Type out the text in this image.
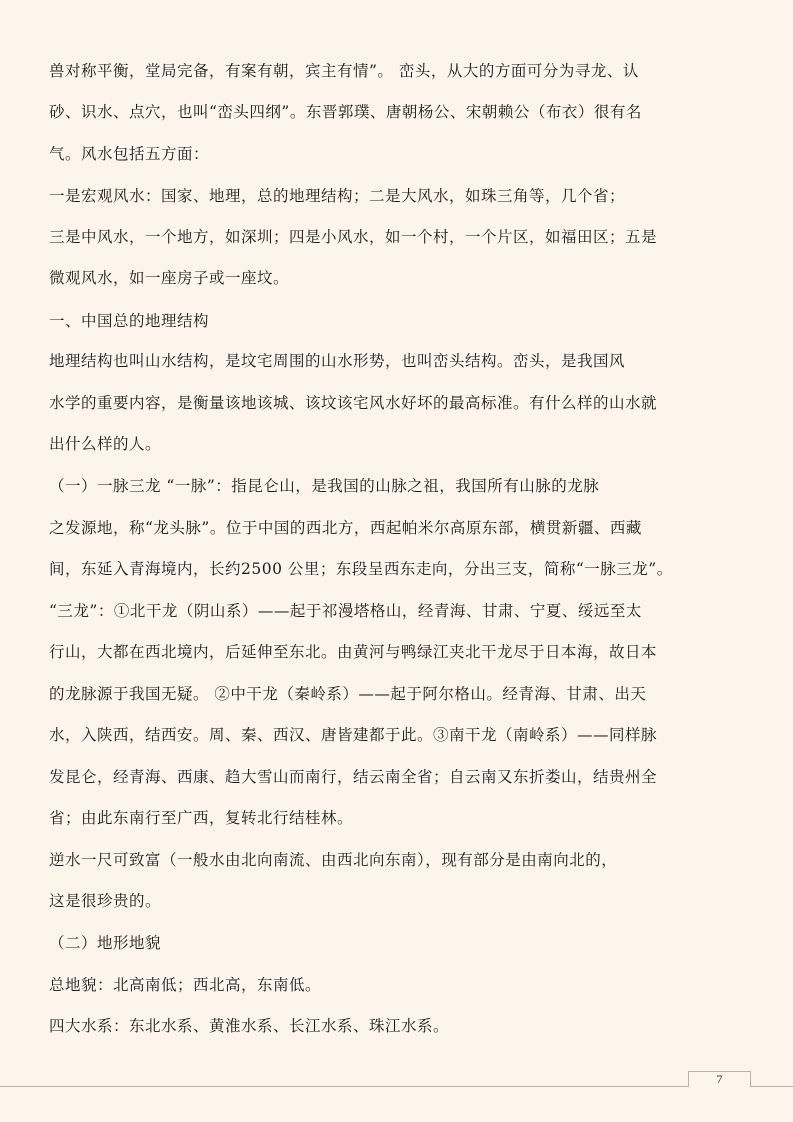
兽对称平衡，堂局完备，有案有朝，宾主有情”。 峦头，从大的方面可分为寻龙、认
砂、识水、点穴，也叫“峦头四纲”。东晋郭璞、唐朝杨公、宋朝赖公（布衣）很有名
气。风水包括五方面：
一是宏观风水：国家、地理，总的地理结构；二是大风水，如珠三角等，几个省；
三是中风水，一个地方，如深圳；四是小风水，如一个村，一个片区，如福田区；五是
微观风水，如一座房子或一座坟。
一、中国总的地理结构
地理结构也叫山水结构，是坟宅周围的山水形势，也叫峦头结构。峦头，是我国风
水学的重要内容，是衡量该地该城、该坟该宅风水好坏的最高标准。有什么样的山水就
出什么样的人。
（一）一脉三龙 “一脉”：指昆仑山，是我国的山脉之祖，我国所有山脉的龙脉
之发源地，称“龙头脉”。位于中国的西北方，西起帕米尔高原东部，横贯新疆、西藏
间，东延入青海境内，长约2500 公里；东段呈西东走向，分出三支，简称“一脉三龙”。
“三龙”：①北干龙（阴山系）——起于祁漫塔格山，经青海、甘肃、宁夏、绥远至太
行山，大都在西北境内，后延伸至东北。由黄河与鸭绿江夹北干龙尽于日本海，故日本
的龙脉源于我国无疑。 ②中干龙（秦岭系）——起于阿尔格山。经青海、甘肃、出天
水，入陕西，结西安。周、秦、西汉、唐皆建都于此。③南干龙（南岭系）——同样脉
发昆仑，经青海、西康、趋大雪山而南行，结云南全省；自云南又东折娄山，结贵州全
省；由此东南行至广西，复转北行结桂林。
逆水一尺可致富（一般水由北向南流、由西北向东南），现有部分是由南向北的，
这是很珍贵的。
（二）地形地貌
总地貌：北高南低；西北高，东南低。
四大水系：东北水系、黄淮水系、长江水系、珠江水系。
7
